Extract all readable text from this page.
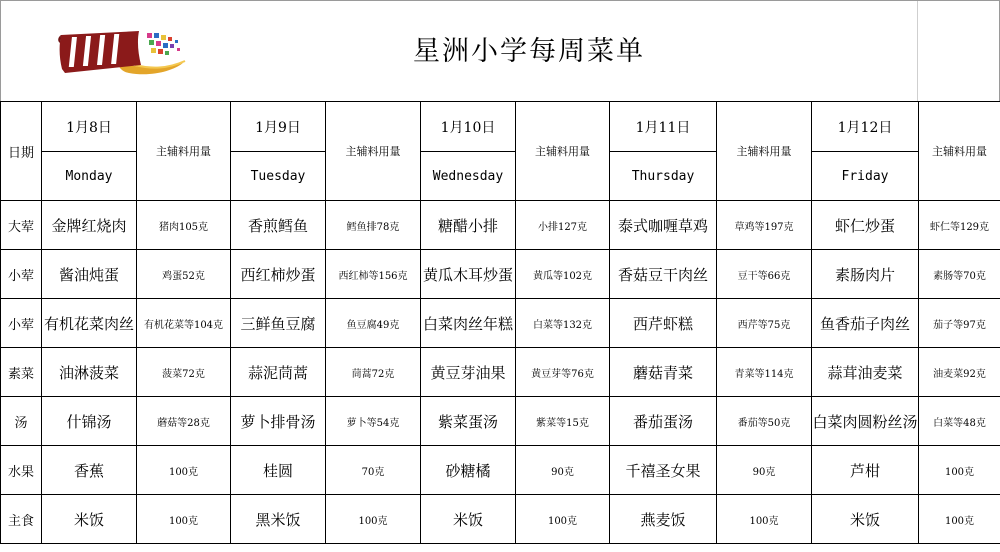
星洲小学每周菜单
日期	1月8日	主辅料用量	1月9日	主辅料用量	1月10日	主辅料用量	1月11日	主辅料用量	1月12日	主辅料用量
	Monday		Tuesday		Wednesday		Thursday		Friday	
大荤	金牌红烧肉	猪肉105克	香煎鳕鱼	鳕鱼排78克	糖醋小排	小排127克	泰式咖喱草鸡	草鸡等197克	虾仁炒蛋	虾仁等129克
小荤	酱油炖蛋	鸡蛋52克	西红柿炒蛋	西红柿等156克	黄瓜木耳炒蛋	黄瓜等102克	香菇豆干肉丝	豆干等66克	素肠肉片	素肠等70克
小荤	有机花菜肉丝	有机花菜等104克	三鲜鱼豆腐	鱼豆腐49克	白菜肉丝年糕	白菜等132克	西芹虾糕	西芹等75克	鱼香茄子肉丝	茄子等97克
素菜	油淋菠菜	菠菜72克	蒜泥茼蒿	茼蒿72克	黄豆芽油果	黄豆芽等76克	蘑菇青菜	青菜等114克	蒜茸油麦菜	油麦菜92克
汤	什锦汤	蘑菇等28克	萝卜排骨汤	萝卜等54克	紫菜蛋汤	紫菜等15克	番茄蛋汤	番茄等50克	白菜肉圆粉丝汤	白菜等48克
水果	香蕉	100克	桂圆	70克	砂糖橘	90克	千禧圣女果	90克	芦柑	100克
主食	米饭	100克	黑米饭	100克	米饭	100克	燕麦饭	100克	米饭	100克
